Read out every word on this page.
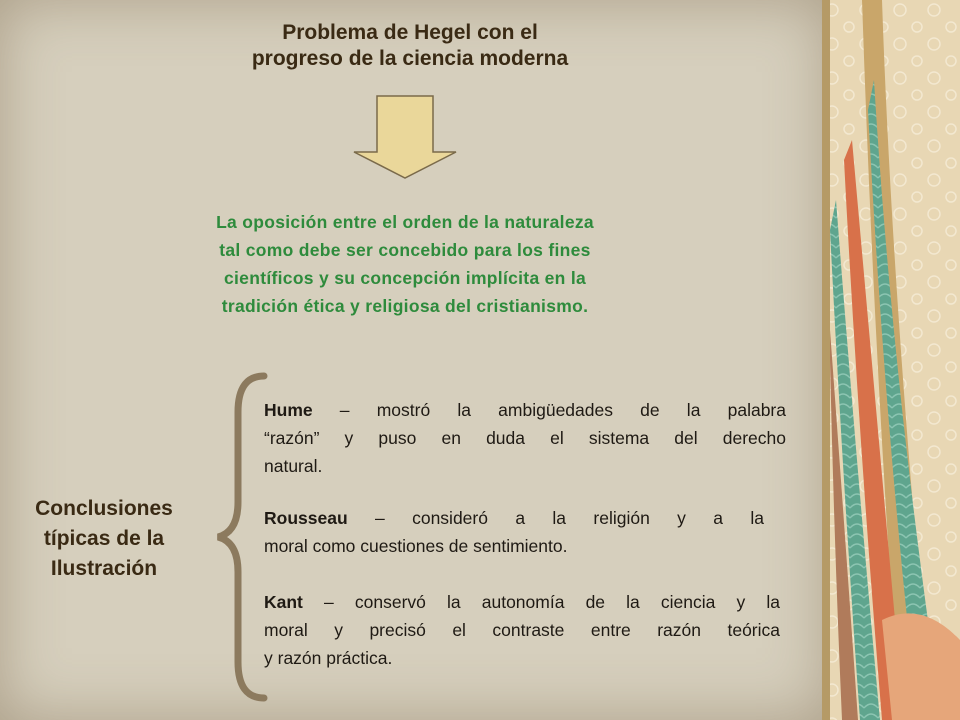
Problema de Hegel con el
progreso de la ciencia moderna
La oposición entre el orden de la naturaleza
tal como debe ser concebido para los fines
científicos y su concepción implícita en la
tradición ética y religiosa del cristianismo.
Conclusiones
típicas de la
Ilustración
Hume – mostró la ambigüedades de la palabra
“razón” y puso en duda el sistema del derecho
natural.
Rousseau – consideró a la religión y a la
moral como cuestiones de sentimiento.
Kant – conservó la autonomía de la ciencia y la
moral y precisó el contraste entre razón teórica
y razón práctica.
